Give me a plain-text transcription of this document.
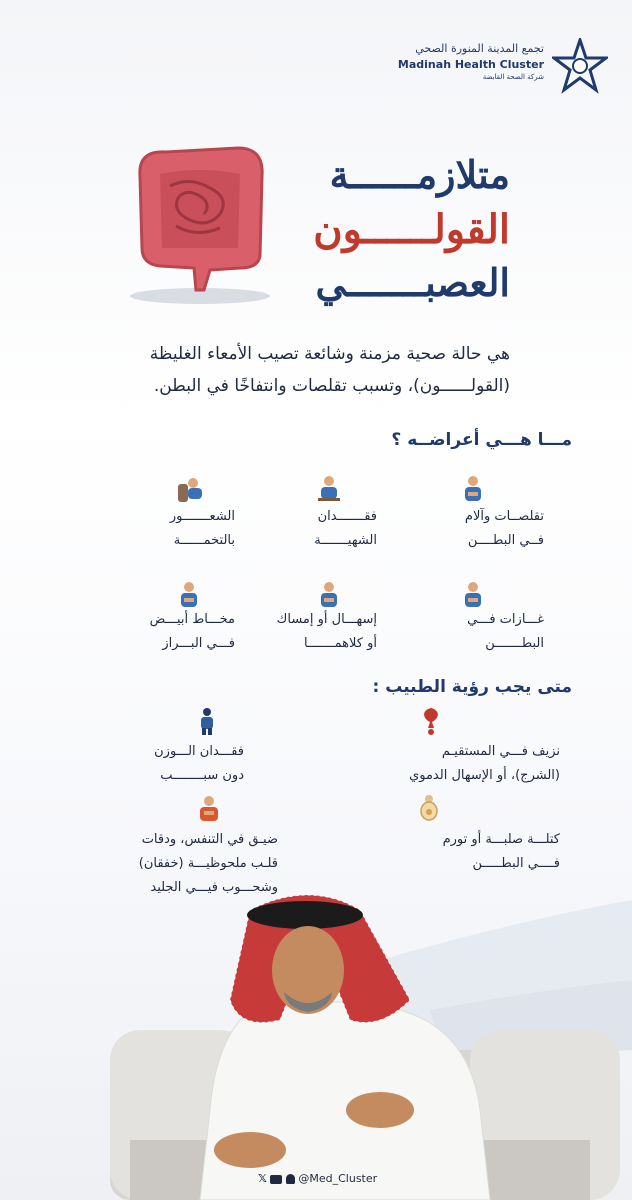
تجمع المدينة المنورة الصحي
Madinah Health Cluster
شركة الصحة القابضة
متلازمــــــة
القولــــــون
العصبـــــــي
هي حالة صحية مزمنة وشائعة تصيب الأمعاء الغليظة (القولــــــون)، وتسبب تقلصات وانتفاخًا في البطن.
مـــا هـــي أعراضــه ؟
تقلصــات وآلام
فــي البطــــن
فقـــــــدان
الشهيـــــــة
الشعـــــــور
بالتخمــــــة
غـــازات فـــي
البطـــــــن
إسهـــال أو إمساك
أو كلاهمـــــــا
مخـــاط أبيـــض
فـــي البـــراز
متى يجب رؤية الطبيب :
نزيف فـــي المستقيـم
(الشرج)، أو الإسهال الدموي
فقـــدان الـــوزن
دون سبــــــــب
كتلـــة صلبـــة أو تورم
فــــي البطـــــن
ضيـق في التنفس، ودقات
قلـب ملحوظيـــة (خفقان)
وشحـــوب فيـــي الجليد
𝕏	@Med_Cluster
